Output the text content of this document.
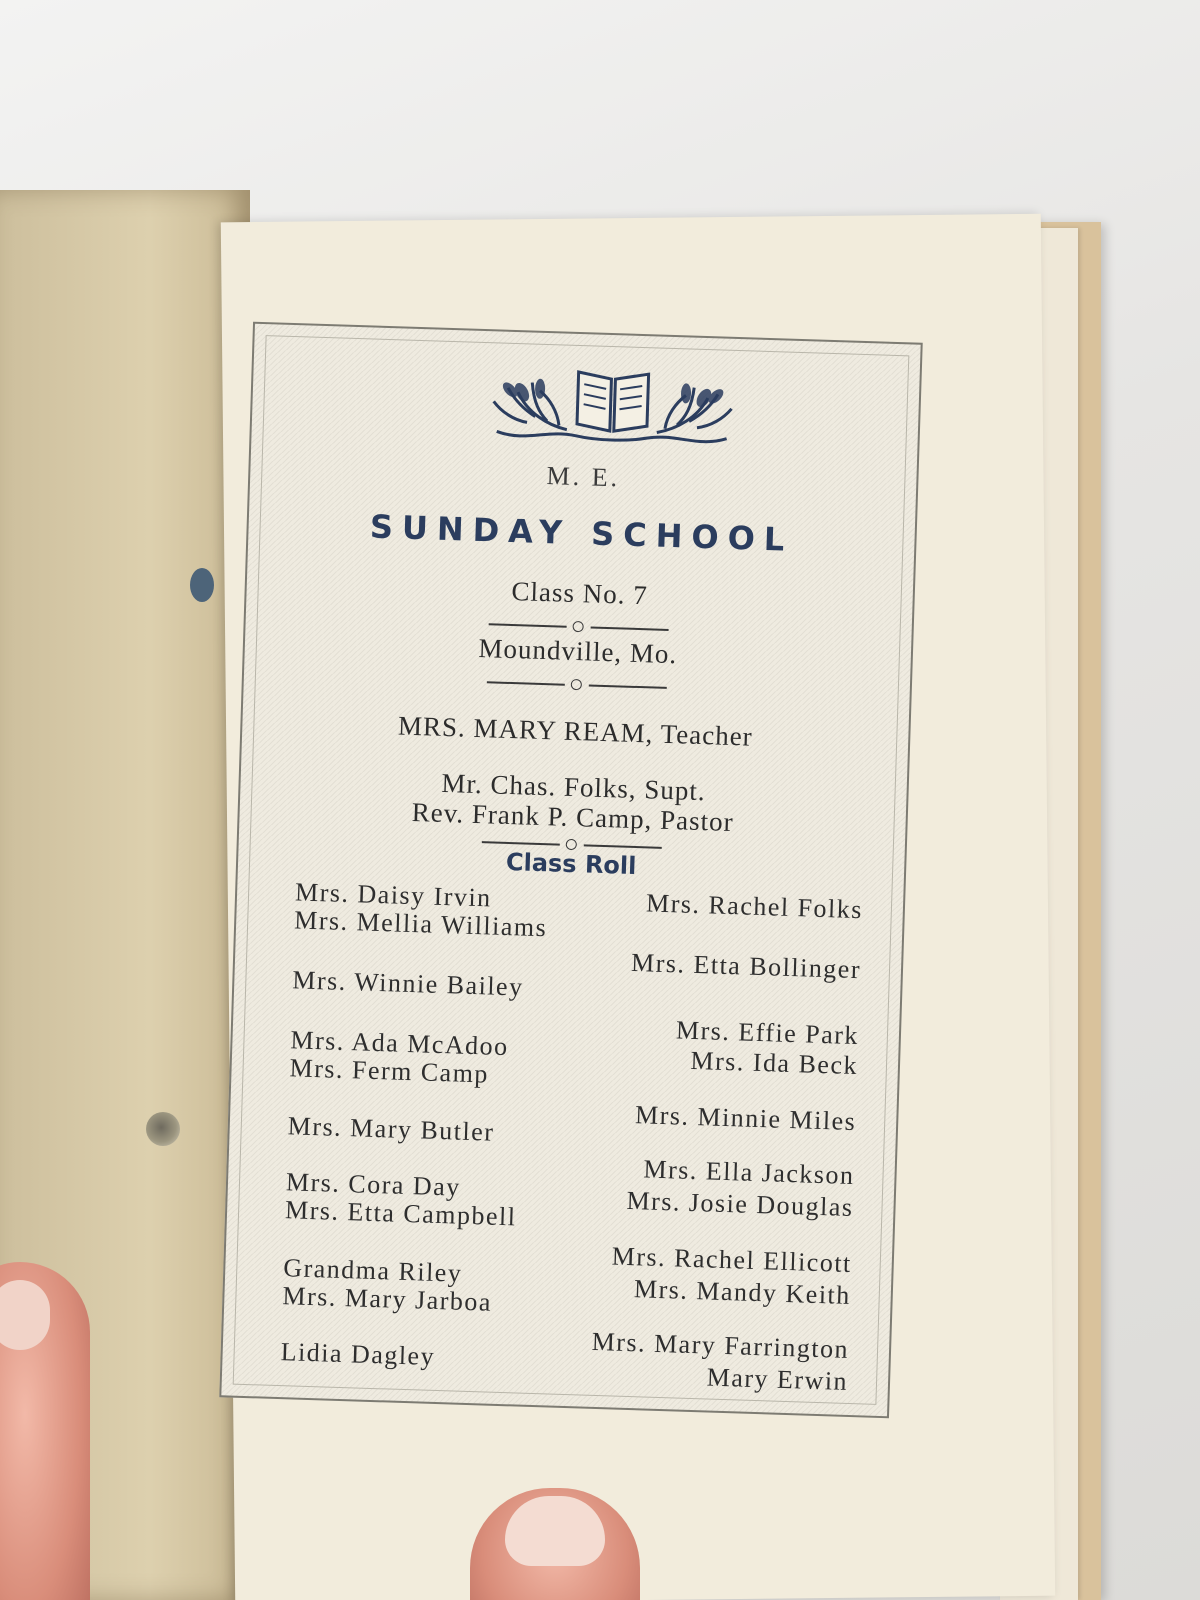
M. E.
SUNDAY SCHOOL
Class No. 7
Moundville, Mo.
MRS. MARY REAM, Teacher
Mr. Chas. Folks, Supt.
Rev. Frank P. Camp, Pastor
Class Roll
Mrs. Daisy Irvin	Mrs. Rachel Folks
Mrs. Mellia Williams
Mrs. Etta Bollinger
Mrs. Winnie Bailey
Mrs. Effie Park
Mrs. Ada McAdoo
Mrs. Ida Beck
Mrs. Ferm Camp
Mrs. Minnie Miles
Mrs. Mary Butler
Mrs. Ella Jackson
Mrs. Cora Day
Mrs. Josie Douglas
Mrs. Etta Campbell
Mrs. Rachel Ellicott
Grandma Riley
Mrs. Mandy Keith
Mrs. Mary Jarboa
Mrs. Mary Farrington
Lidia Dagley
Mary Erwin
